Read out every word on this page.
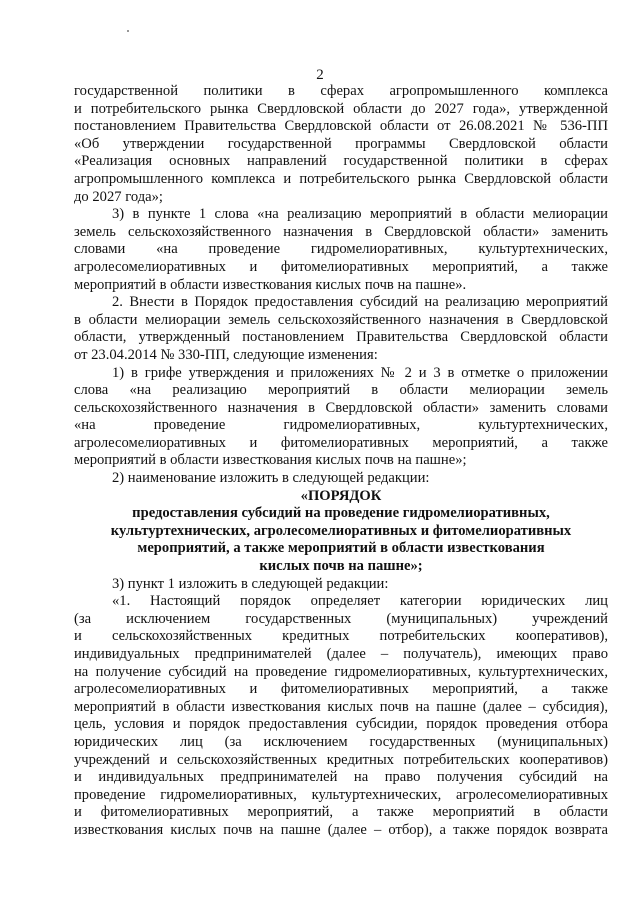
2
государственной политики в сферах агропромышленного комплекса
и потребительского рынка Свердловской области до 2027 года», утвержденной
постановлением Правительства Свердловской области от 26.08.2021 № 536-ПП
«Об утверждении государственной программы Свердловской области
«Реализация основных направлений государственной политики в сферах
агропромышленного комплекса и потребительского рынка Свердловской области
до 2027 года»;
3) в пункте 1 слова «на реализацию мероприятий в области мелиорации
земель сельскохозяйственного назначения в Свердловской области» заменить
словами «на проведение гидромелиоративных, культуртехнических,
агролесомелиоративных и фитомелиоративных мероприятий, а также
мероприятий в области известкования кислых почв на пашне».
2. Внести в Порядок предоставления субсидий на реализацию мероприятий
в области мелиорации земель сельскохозяйственного назначения в Свердловской
области, утвержденный постановлением Правительства Свердловской области
от 23.04.2014 № 330-ПП, следующие изменения:
1) в грифе утверждения и приложениях № 2 и 3 в отметке о приложении
слова «на реализацию мероприятий в области мелиорации земель
сельскохозяйственного назначения в Свердловской области» заменить словами
«на проведение гидромелиоративных, культуртехнических,
агролесомелиоративных и фитомелиоративных мероприятий, а также
мероприятий в области известкования кислых почв на пашне»;
2) наименование изложить в следующей редакции:
«ПОРЯДОК
предоставления субсидий на проведение гидромелиоративных,
культуртехнических, агролесомелиоративных и фитомелиоративных
мероприятий, а также мероприятий в области известкования
кислых почв на пашне»;
3) пункт 1 изложить в следующей редакции:
«1. Настоящий порядок определяет категории юридических лиц
(за исключением государственных (муниципальных) учреждений
и сельскохозяйственных кредитных потребительских кооперативов),
индивидуальных предпринимателей (далее – получатель), имеющих право
на получение субсидий на проведение гидромелиоративных, культуртехнических,
агролесомелиоративных и фитомелиоративных мероприятий, а также
мероприятий в области известкования кислых почв на пашне (далее – субсидия),
цель, условия и порядок предоставления субсидии, порядок проведения отбора
юридических лиц (за исключением государственных (муниципальных)
учреждений и сельскохозяйственных кредитных потребительских кооперативов)
и индивидуальных предпринимателей на право получения субсидий на
проведение гидромелиоративных, культуртехнических, агролесомелиоративных
и фитомелиоративных мероприятий, а также мероприятий в области
известкования кислых почв на пашне (далее – отбор), а также порядок возврата
